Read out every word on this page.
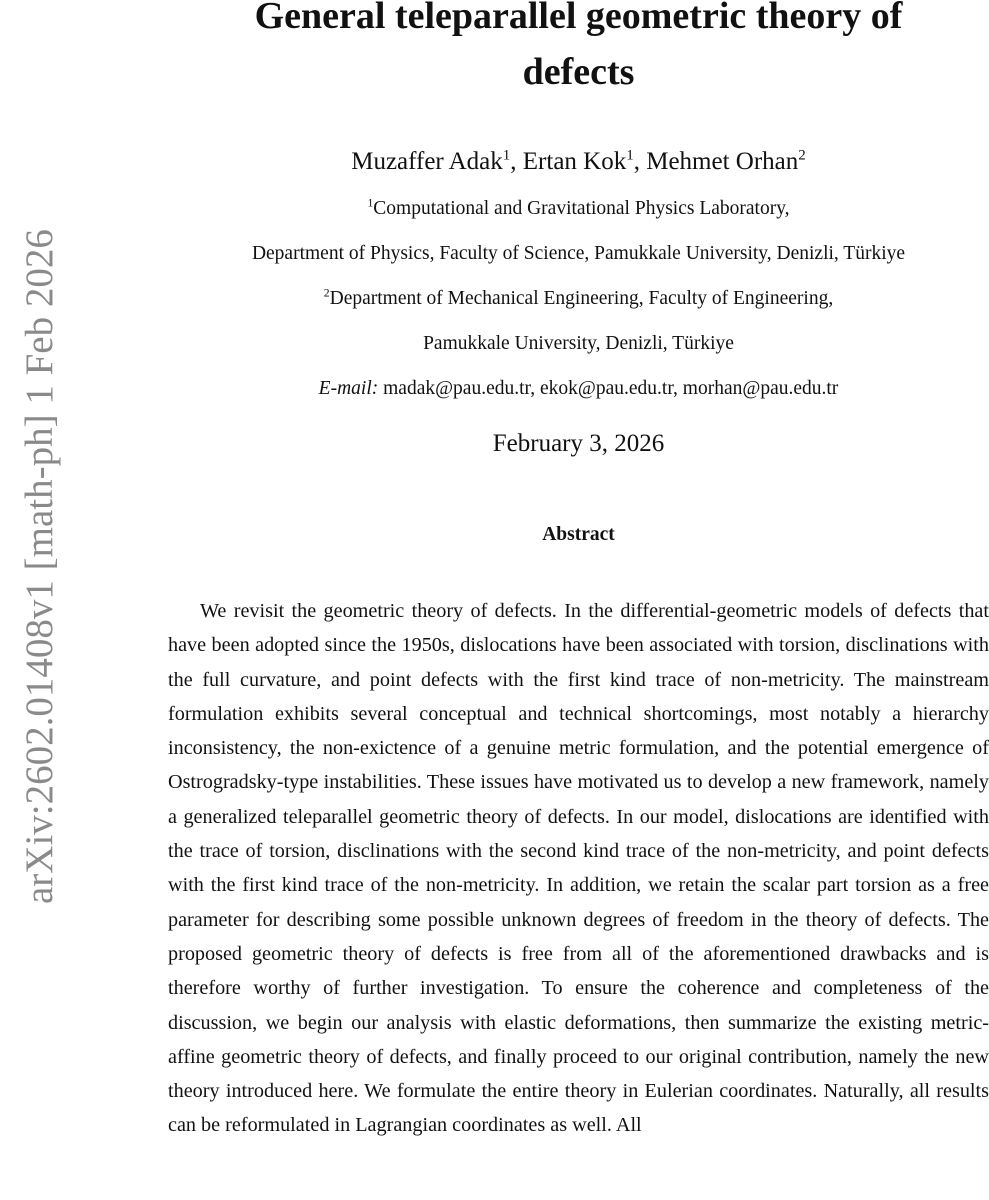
arXiv:2602.01408v1 [math-ph] 1 Feb 2026
General teleparallel geometric theory of
defects
Muzaffer Adak$^1$, Ertan Kok$^1$, Mehmet Orhan$^2$
$^1$Computational and Gravitational Physics Laboratory,
Department of Physics, Faculty of Science, Pamukkale University, Denizli, Türkiye
$^2$Department of Mechanical Engineering, Faculty of Engineering,
Pamukkale University, Denizli, Türkiye
E-mail: madak@pau.edu.tr, ekok@pau.edu.tr, morhan@pau.edu.tr
February 3, 2026
Abstract

We revisit the geometric theory of defects. In the differential-geometric models of defects that have been adopted since the 1950s, dislocations have been associated with torsion, disclinations with the full curvature, and point defects with the first kind trace of non-metricity. The mainstream formulation exhibits several conceptual and technical shortcomings, most notably a hierarchy inconsistency, the non-exictence of a genuine metric formulation, and the potential emergence of Ostrogradsky-type instabilities. These issues have motivated us to develop a new framework, namely a generalized teleparallel geometric theory of defects. In our model, dislocations are identified with the trace of torsion, disclinations with the second kind trace of the non-metricity, and point defects with the first kind trace of the non-metricity. In addition, we retain the scalar part torsion as a free parameter for describing some possible unknown degrees of freedom in the theory of defects. The proposed geometric theory of defects is free from all of the aforementioned drawbacks and is therefore worthy of further investigation. To ensure the coherence and completeness of the discussion, we begin our analysis with elastic deformations, then summarize the existing metric-affine geometric theory of defects, and finally proceed to our original contribution, namely the new theory introduced here. We formulate the entire theory in Eulerian coordinates. Naturally, all results can be reformulated in Lagrangian coordinates as well. All
